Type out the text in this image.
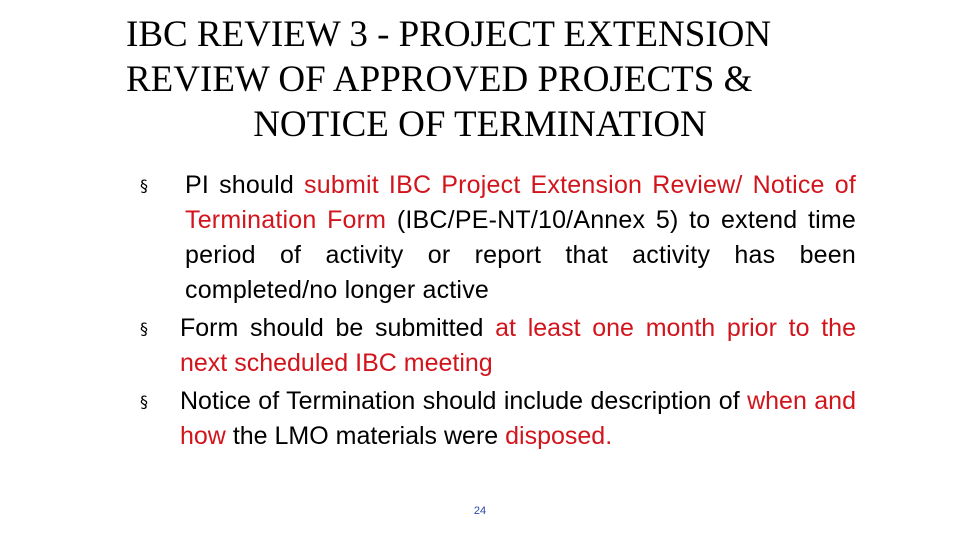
IBC REVIEW 3 - PROJECT EXTENSION
REVIEW OF APPROVED PROJECTS &
NOTICE OF TERMINATION
§ PI should submit IBC Project Extension Review/ Notice of Termination Form (IBC/PE-NT/10/Annex 5) to extend time period of activity or report that activity has been completed/no longer active
§ Form should be submitted at least one month prior to the next scheduled IBC meeting
§ Notice of Termination should include description of when and how the LMO materials were disposed.
24
